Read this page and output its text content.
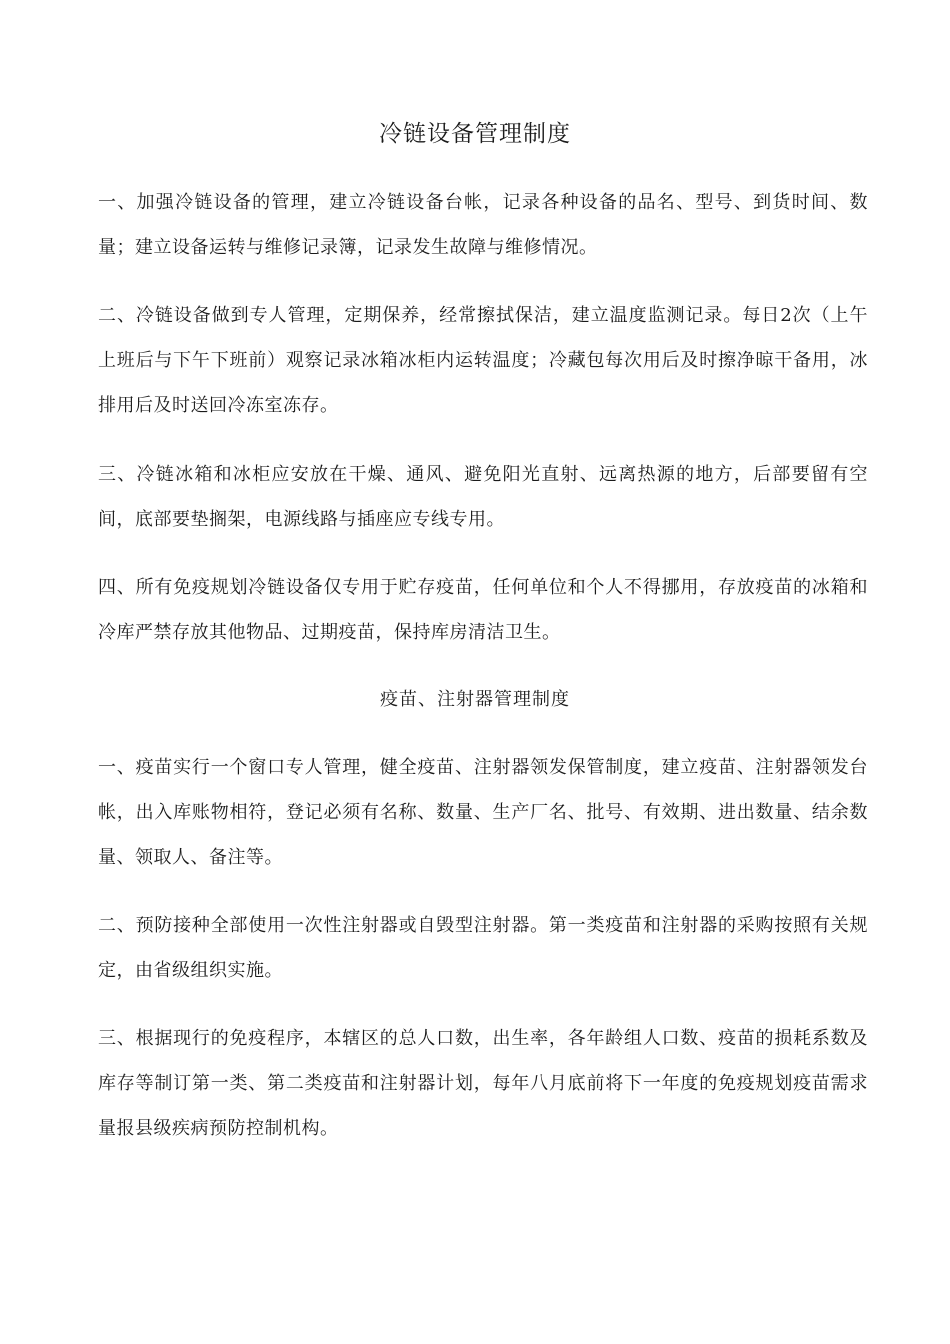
冷链设备管理制度

一、加强冷链设备的管理，建立冷链设备台帐，记录各种设备的品名、型号、到货时间、数量；建立设备运转与维修记录簿，记录发生故障与维修情况。

二、冷链设备做到专人管理，定期保养，经常擦拭保洁，建立温度监测记录。每日2次（上午上班后与下午下班前）观察记录冰箱冰柜内运转温度；冷藏包每次用后及时擦净晾干备用，冰排用后及时送回冷冻室冻存。

三、冷链冰箱和冰柜应安放在干燥、通风、避免阳光直射、远离热源的地方，后部要留有空间，底部要垫搁架，电源线路与插座应专线专用。

四、所有免疫规划冷链设备仅专用于贮存疫苗，任何单位和个人不得挪用，存放疫苗的冰箱和冷库严禁存放其他物品、过期疫苗，保持库房清洁卫生。

疫苗、注射器管理制度

一、疫苗实行一个窗口专人管理，健全疫苗、注射器领发保管制度，建立疫苗、注射器领发台帐，出入库账物相符，登记必须有名称、数量、生产厂名、批号、有效期、进出数量、结余数量、领取人、备注等。

二、预防接种全部使用一次性注射器或自毁型注射器。第一类疫苗和注射器的采购按照有关规定，由省级组织实施。

三、根据现行的免疫程序，本辖区的总人口数，出生率，各年龄组人口数、疫苗的损耗系数及库存等制订第一类、第二类疫苗和注射器计划，每年八月底前将下一年度的免疫规划疫苗需求量报县级疾病预防控制机构。
